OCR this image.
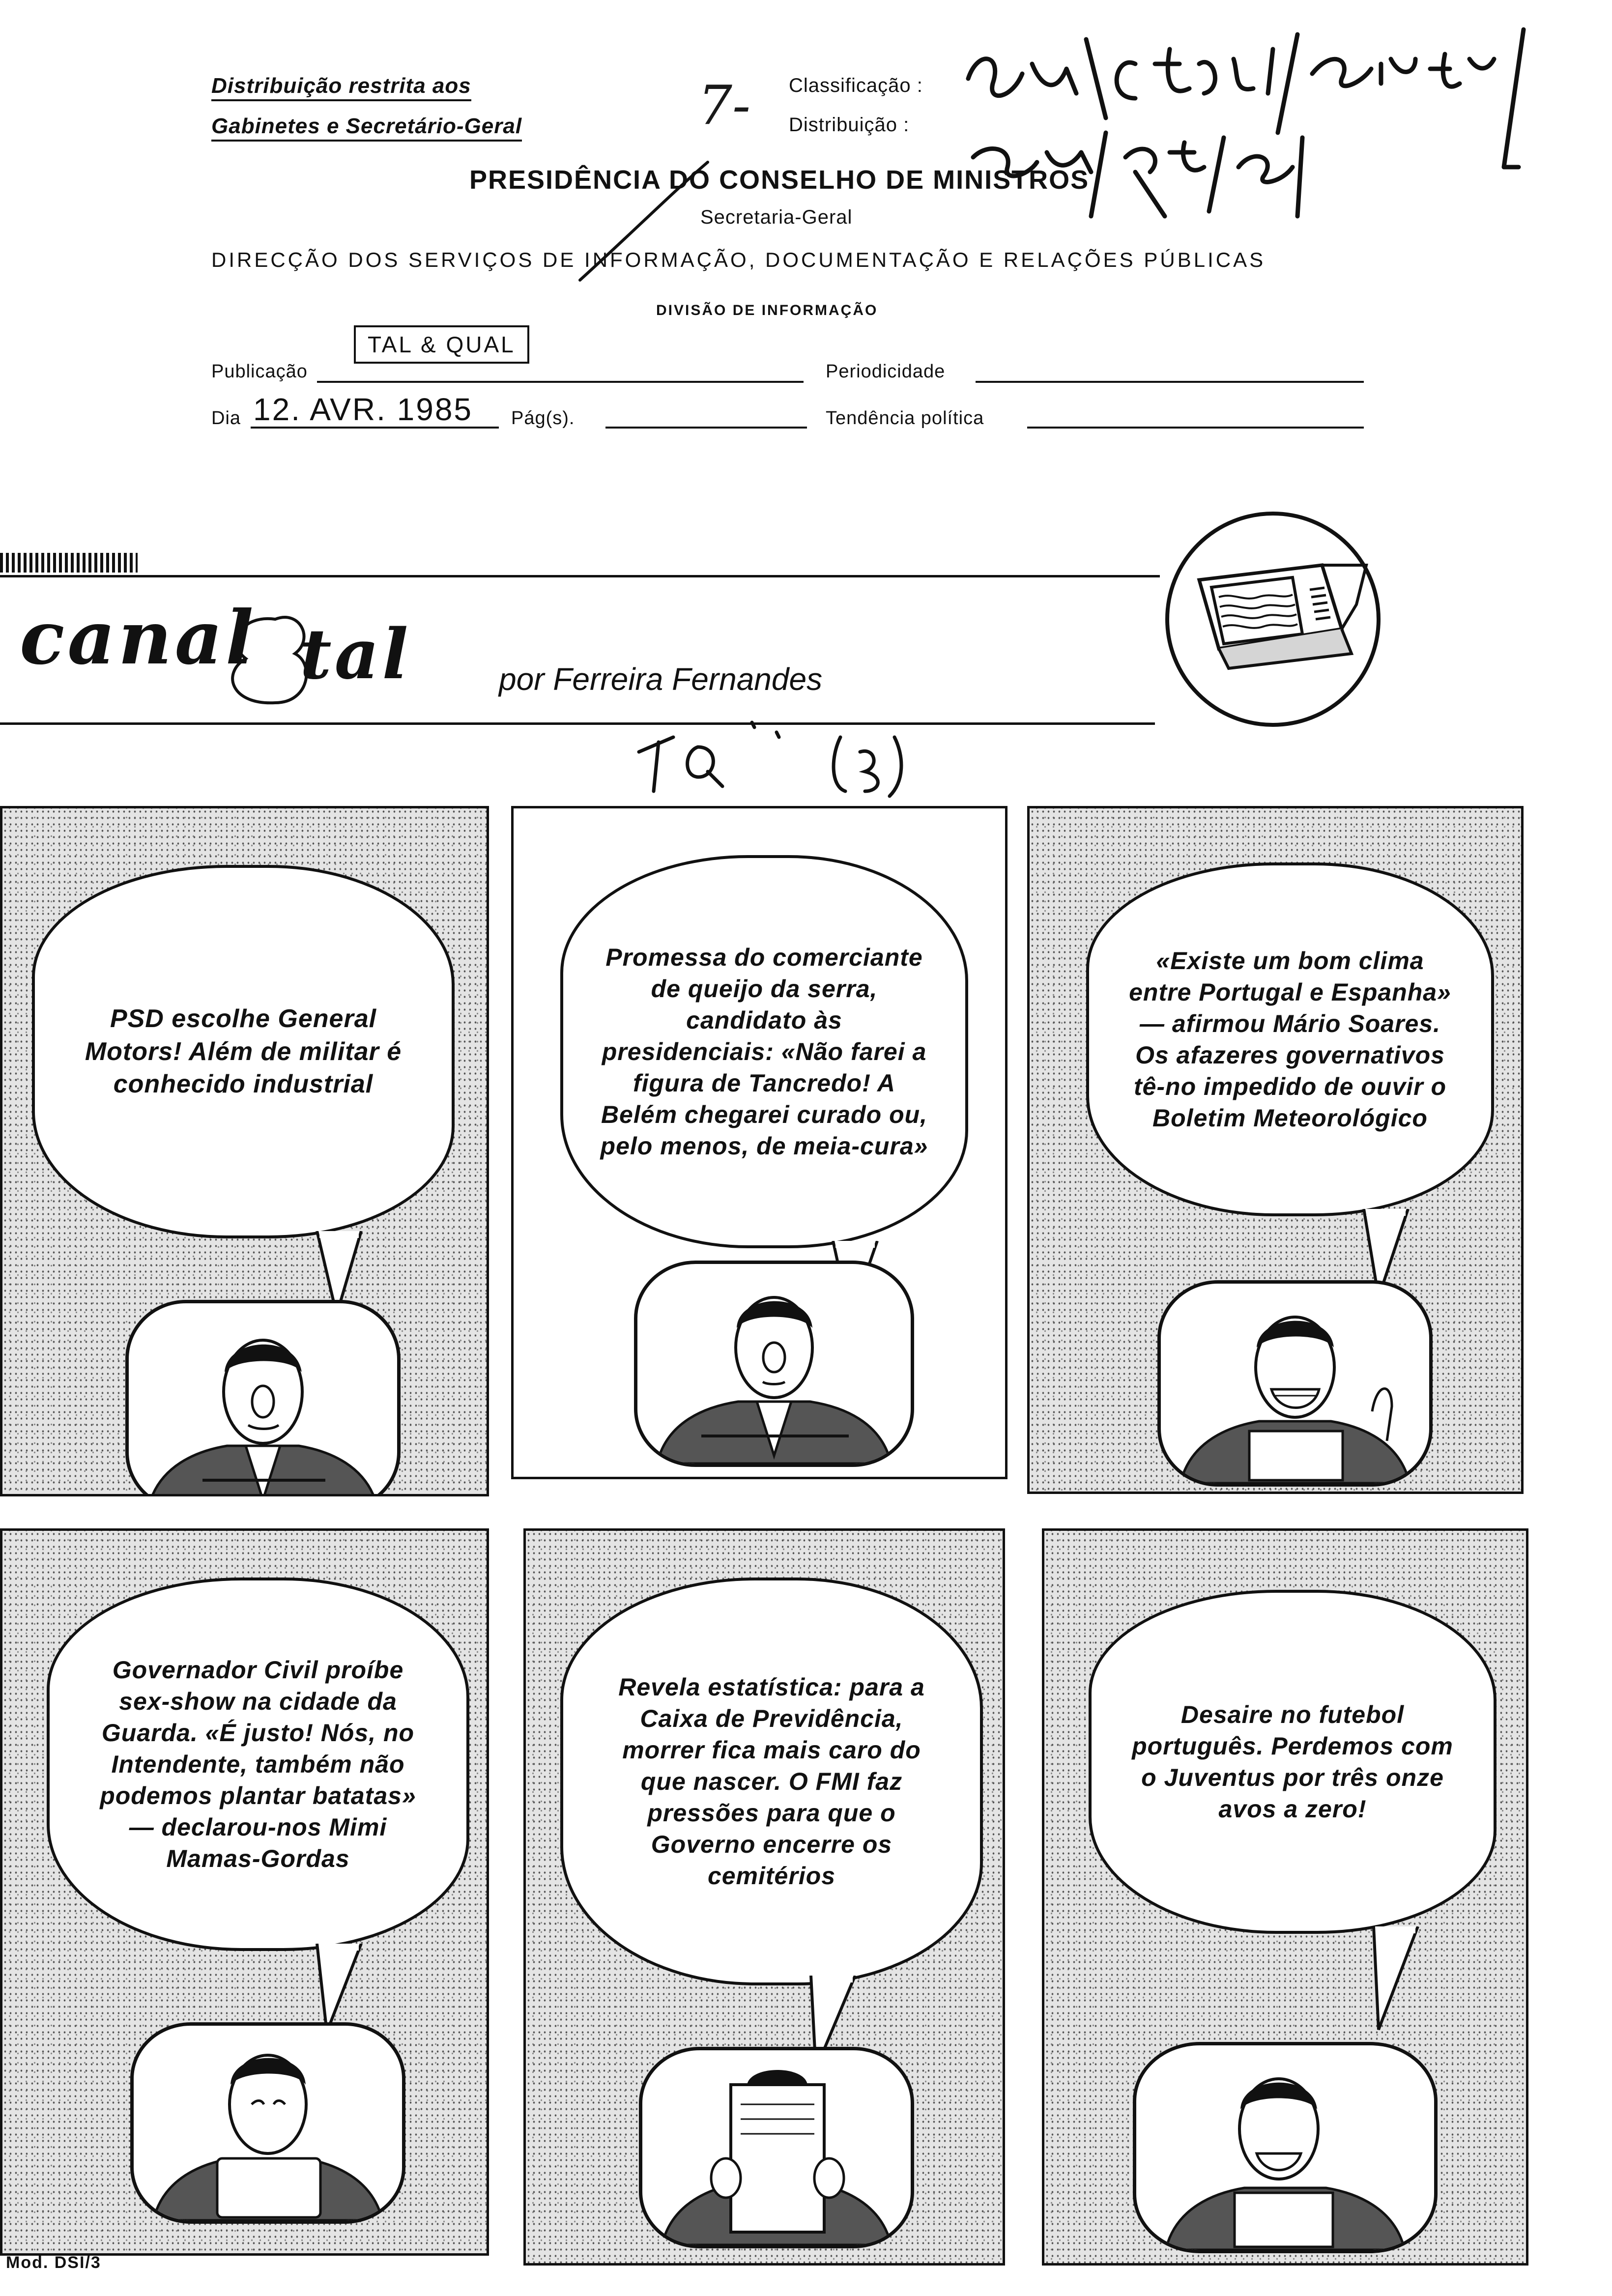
Distribuição restrita aos
Gabinetes e Secretário-Geral	7- Classificação :
Distribuição :
PRESIDÊNCIA DO CONSELHO DE MINISTROS
Secretaria-Geral
DIRECÇÃO DOS SERVIÇOS DE INFORMAÇÃO, DOCUMENTAÇÃO E RELAÇÕES PÚBLICAS
DIVISÃO DE INFORMAÇÃO
Publicação
TAL & QUAL
Periodicidade
Dia 12. AVR. 1985 Pág(s).	Tendência política
canal tal	por Ferreira Fernandes
PSD escolhe General Motors! Além de militar é conhecido industrial
Promessa do comerciante de queijo da serra, candidato às presidenciais: «Não farei a figura de Tancredo! A Belém chegarei curado ou, pelo menos, de meia-cura»
«Existe um bom clima entre Portugal e Espanha» — afirmou Mário Soares. Os afazeres governativos tê-no impedido de ouvir o Boletim Meteorológico
Governador Civil proíbe sex-show na cidade da Guarda. «É justo! Nós, no Intendente, também não podemos plantar batatas» — declarou-nos Mimi Mamas-Gordas
Revela estatística: para a Caixa de Previdência, morrer fica mais caro do que nascer. O FMI faz pressões para que o Governo encerre os cemitérios
Desaire no futebol português. Perdemos com o Juventus por três onze avos a zero!
Mod. DSI/3
